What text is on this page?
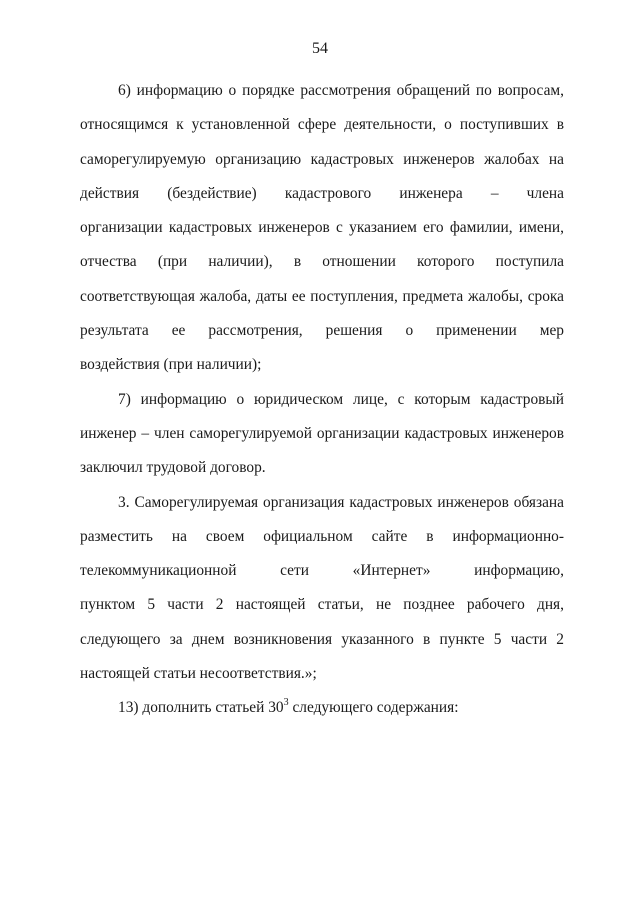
54
6) информацию о порядке рассмотрения обращений по вопросам,
относящимся к установленной сфере деятельности, о поступивших в
саморегулируемую организацию кадастровых инженеров жалобах на
действия (бездействие) кадастрового инженера – члена
организации кадастровых инженеров с указанием его фамилии, имени,
отчества (при наличии), в отношении которого поступила
соответствующая жалоба, даты ее поступления, предмета жалобы, срока
результата ее рассмотрения, решения о применении мер
воздействия (при наличии);
7) информацию о юридическом лице, с которым кадастровый
инженер – член саморегулируемой организации кадастровых инженеров
заключил трудовой договор.
3. Саморегулируемая организация кадастровых инженеров обязана
разместить на своем официальном сайте в информационно-
телекоммуникационной сети «Интернет» информацию,
пунктом 5 части 2 настоящей статьи, не позднее рабочего дня,
следующего за днем возникновения указанного в пункте 5 части 2
настоящей статьи несоответствия.»;
13) дополнить статьей $30^3$ следующего содержания:
